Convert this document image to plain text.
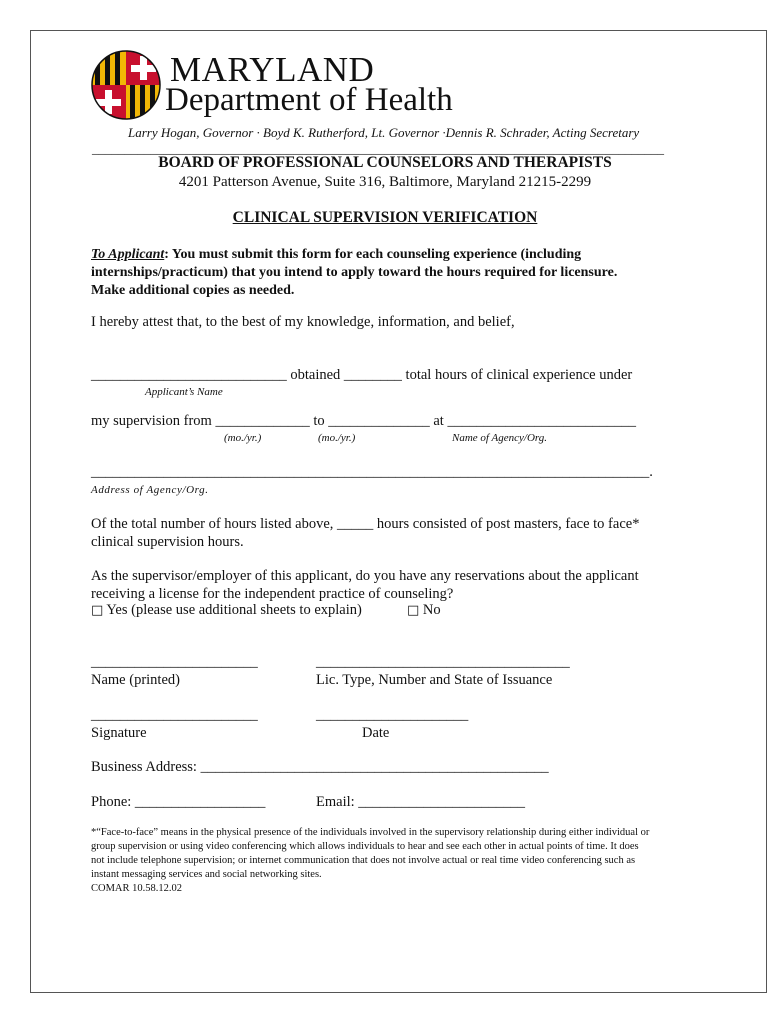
MARYLAND
Department of Health
Larry Hogan, Governor · Boyd K. Rutherford, Lt. Governor ·Dennis R. Schrader, Acting Secretary
________________________________________________________________________________________
BOARD OF PROFESSIONAL COUNSELORS AND THERAPISTS
4201 Patterson Avenue, Suite 316, Baltimore, Maryland 21215-2299
CLINICAL SUPERVISION VERIFICATION
To Applicant: You must submit this form for each counseling experience (including internships/practicum) that you intend to apply toward the hours required for licensure. Make additional copies as needed.
I hereby attest that, to the best of my knowledge, information, and belief,
___________________________ obtained ________ total hours of clinical experience under
Applicant’s Name
my supervision from _____________ to ______________ at __________________________
(mo./yr.)	(mo./yr.)	Name of Agency/Org.
_____________________________________________________________________________.
Address of Agency/Org.
Of the total number of hours listed above, _____ hours consisted of post masters, face to face* clinical supervision hours.
As the supervisor/employer of this applicant, do you have any reservations about the applicant receiving a license for the independent practice of counseling?
□ Yes (please use additional sheets to explain)	□ No
_______________________	___________________________________
Name (printed)	Lic. Type, Number and State of Issuance
_______________________	_____________________
Signature	Date
Business Address: ________________________________________________
Phone: __________________	Email: _______________________
*“Face-to-face” means in the physical presence of the individuals involved in the supervisory relationship during either individual or group supervision or using video conferencing which allows individuals to hear and see each other in actual points of time. It does not include telephone supervision; or internet communication that does not involve actual or real time video conferencing such as instant messaging services and social networking sites.
COMAR 10.58.12.02
